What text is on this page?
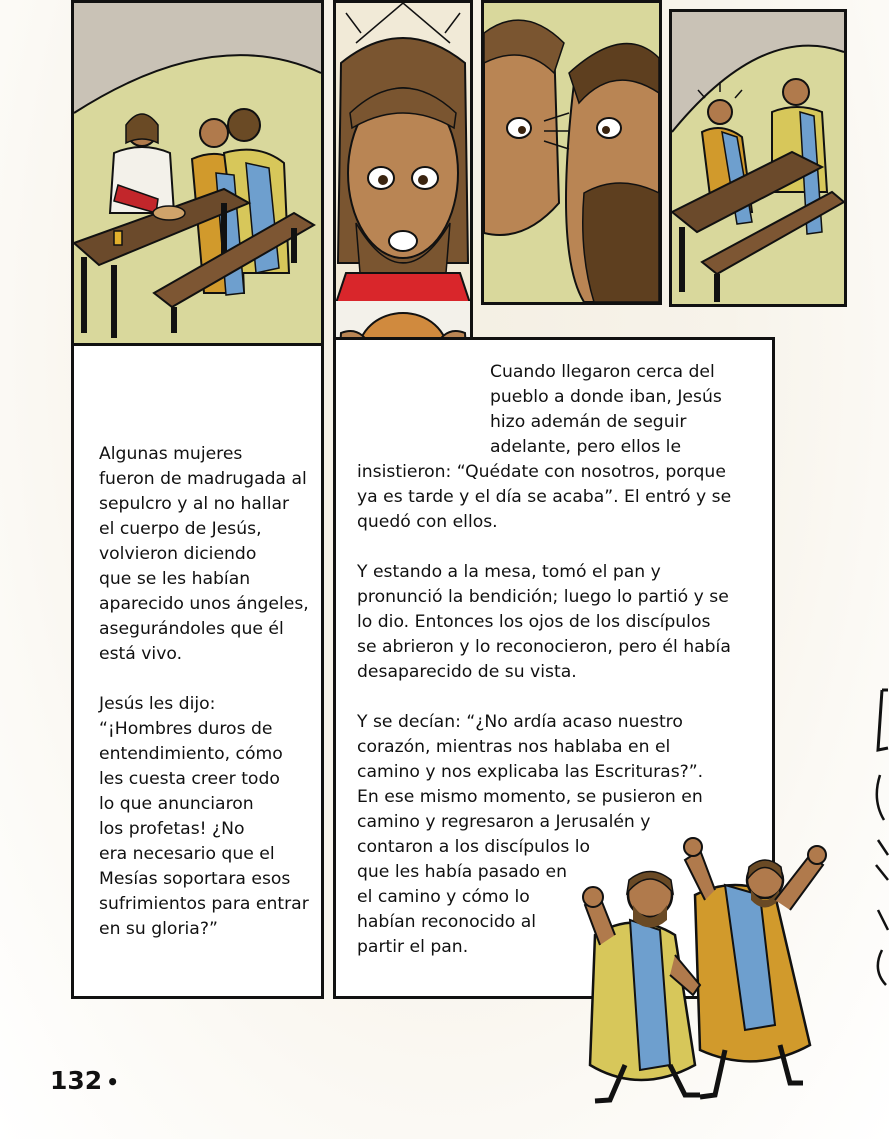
Algunas mujeres
fueron de madrugada al
sepulcro y al no hallar
el cuerpo de Jesús,
volvieron diciendo
que se les habían
aparecido unos ángeles,
asegurándoles que él
está vivo.

Jesús les dijo:
“¡Hombres duros de
entendimiento, cómo
les cuesta creer todo
lo que anunciaron
los profetas! ¿No
era necesario que el
Mesías soportara esos
sufrimientos para entrar
en su gloria?”

Cuando llegaron cerca del
pueblo a donde iban, Jesús
hizo ademán de seguir
adelante, pero ellos le

insistieron: “Quédate con nosotros, porque
ya es tarde y el día se acaba”. El entró y se
quedó con ellos.

Y estando a la mesa, tomó el pan y
pronunció la bendición; luego lo partió y se
lo dio. Entonces los ojos de los discípulos
se abrieron y lo reconocieron, pero él había
desaparecido de su vista.

Y se decían: “¿No ardía acaso nuestro
corazón, mientras nos hablaba en el
camino y nos explicaba las Escrituras?”.
En ese mismo momento, se pusieron en
camino y regresaron a Jerusalén y

contaron a los discípulos lo
que les había pasado en
el camino y cómo lo
habían reconocido al
partir el pan.

132 •
